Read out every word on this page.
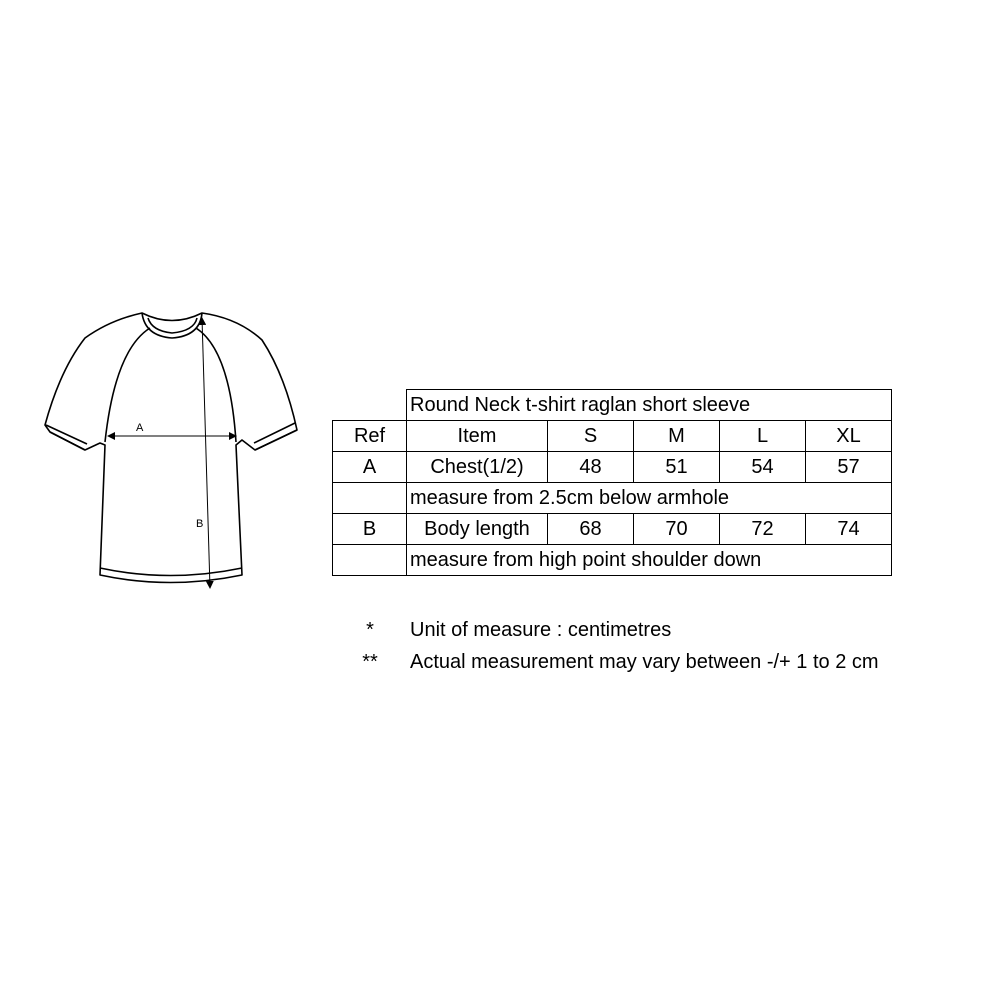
A
B
	Round Neck t-shirt raglan short sleeve				
Ref	Item	S	M	L	XL
A	Chest(1/2)	48	51	54	57
	measure from 2.5cm below armhole				
B	Body length	68	70	72	74
	measure from high point shoulder down				
*	Unit of measure : centimetres
**	Actual measurement may vary between -/+ 1 to 2 cm
